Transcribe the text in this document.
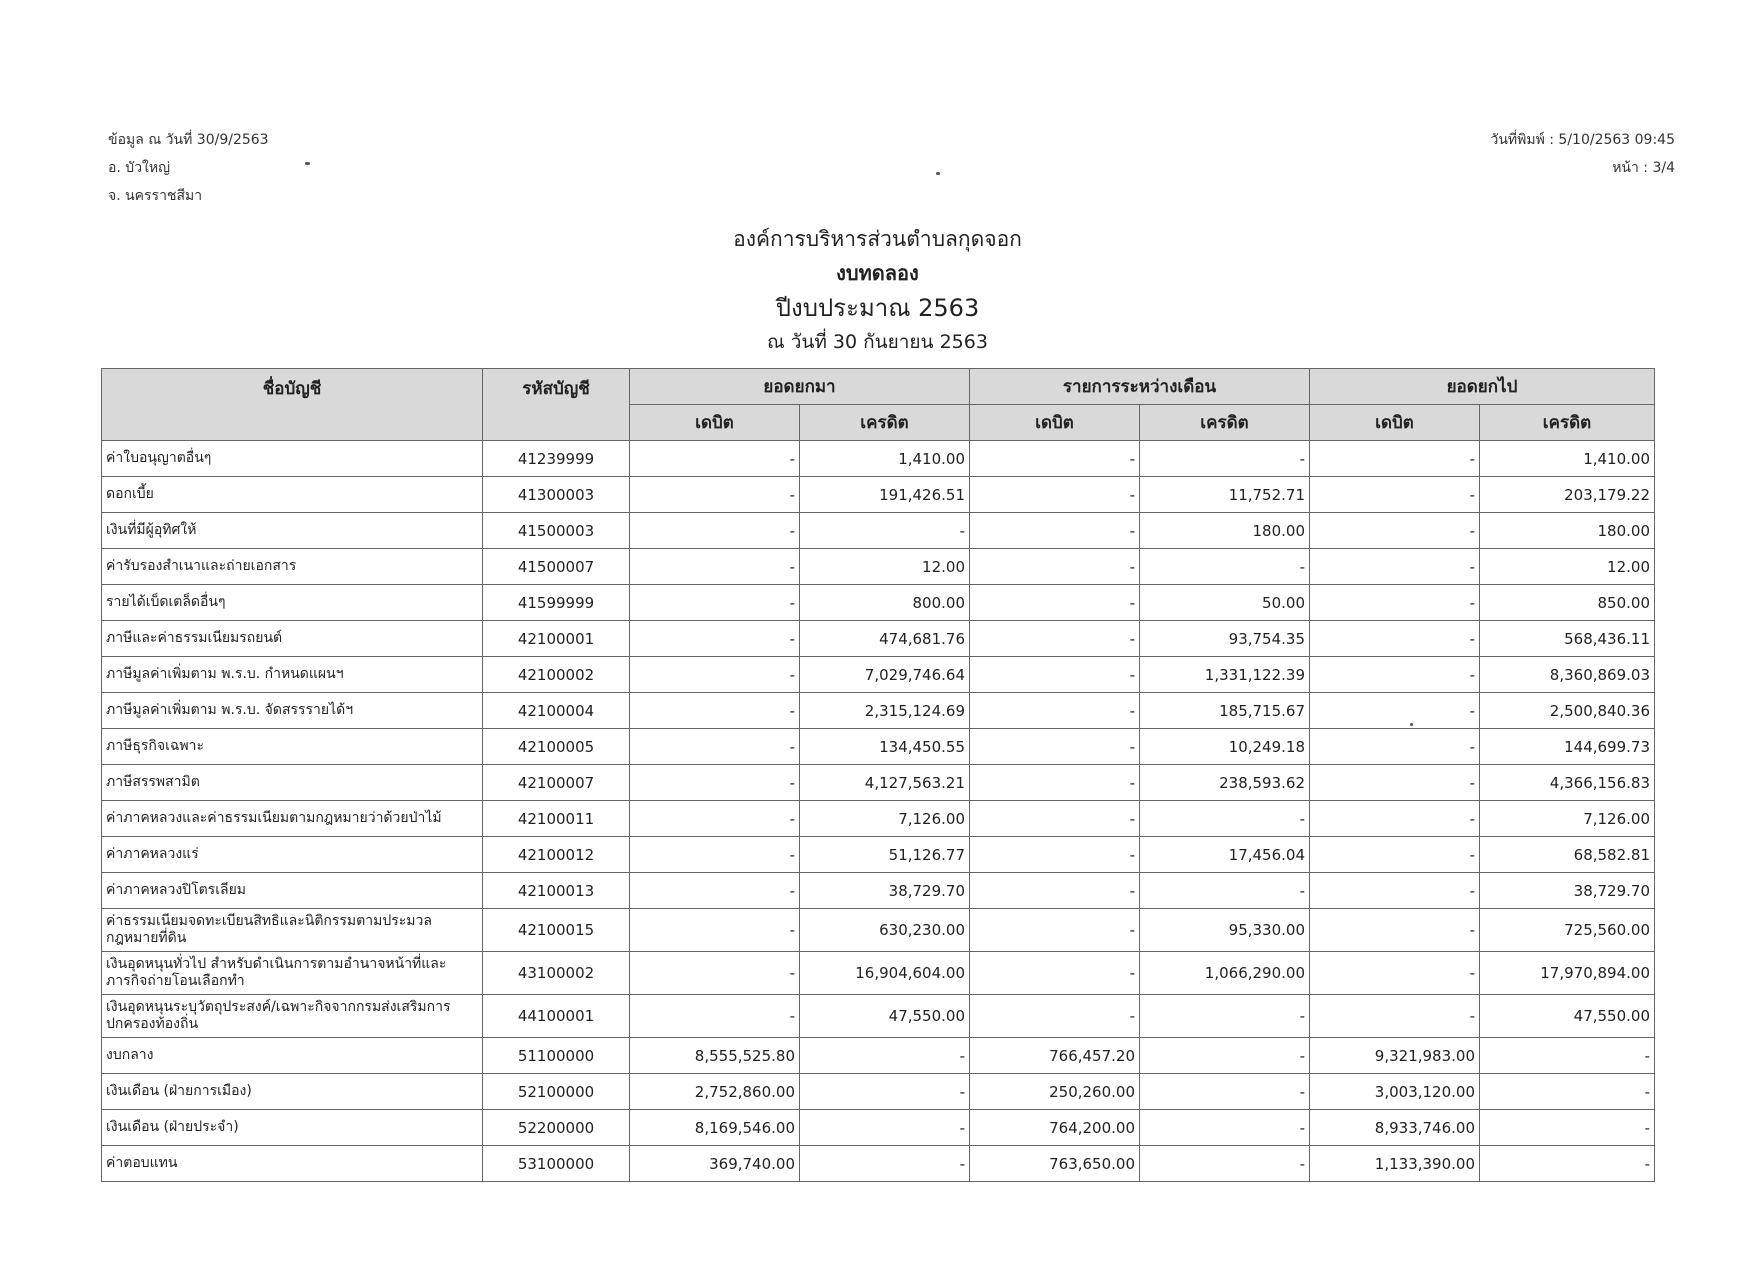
ข้อมูล ณ วันที่ 30/9/2563
อ. บัวใหญ่
จ. นครราชสีมา
วันที่พิมพ์ : 5/10/2563 09:45
หน้า : 3/4
องค์การบริหารส่วนตำบลกุดจอก
งบทดลอง
ปีงบประมาณ 2563
ณ วันที่ 30 กันยายน 2563
ชื่อบัญชี	รหัสบัญชี	ยอดยกมา		รายการระหว่างเดือน		ยอดยกไป	
		เดบิต	เครดิต	เดบิต	เครดิต	เดบิต	เครดิต
ค่าใบอนุญาตอื่นๆ	41239999	-	1,410.00	-	-	-	1,410.00
ดอกเบี้ย	41300003	-	191,426.51	-	11,752.71	-	203,179.22
เงินที่มีผู้อุทิศให้	41500003	-	-	-	180.00	-	180.00
ค่ารับรองสำเนาและถ่ายเอกสาร	41500007	-	12.00	-	-	-	12.00
รายได้เบ็ดเตล็ดอื่นๆ	41599999	-	800.00	-	50.00	-	850.00
ภาษีและค่าธรรมเนียมรถยนต์	42100001	-	474,681.76	-	93,754.35	-	568,436.11
ภาษีมูลค่าเพิ่มตาม พ.ร.บ. กำหนดแผนฯ	42100002	-	7,029,746.64	-	1,331,122.39	-	8,360,869.03
ภาษีมูลค่าเพิ่มตาม พ.ร.บ. จัดสรรรายได้ฯ	42100004	-	2,315,124.69	-	185,715.67	-	2,500,840.36
ภาษีธุรกิจเฉพาะ	42100005	-	134,450.55	-	10,249.18	-	144,699.73
ภาษีสรรพสามิต	42100007	-	4,127,563.21	-	238,593.62	-	4,366,156.83
ค่าภาคหลวงและค่าธรรมเนียมตามกฎหมายว่าด้วยป่าไม้	42100011	-	7,126.00	-	-	-	7,126.00
ค่าภาคหลวงแร่	42100012	-	51,126.77	-	17,456.04	-	68,582.81
ค่าภาคหลวงปิโตรเลียม	42100013	-	38,729.70	-	-	-	38,729.70
ค่าธรรมเนียมจดทะเบียนสิทธิและนิติกรรมตามประมวลกฎหมายที่ดิน	42100015	-	630,230.00	-	95,330.00	-	725,560.00
เงินอุดหนุนทั่วไป สำหรับดำเนินการตามอำนาจหน้าที่และภารกิจถ่ายโอนเลือกทำ	43100002	-	16,904,604.00	-	1,066,290.00	-	17,970,894.00
เงินอุดหนุนระบุวัตถุประสงค์/เฉพาะกิจจากกรมส่งเสริมการปกครองท้องถิ่น	44100001	-	47,550.00	-	-	-	47,550.00
งบกลาง	51100000	8,555,525.80	-	766,457.20	-	9,321,983.00	-
เงินเดือน (ฝ่ายการเมือง)	52100000	2,752,860.00	-	250,260.00	-	3,003,120.00	-
เงินเดือน (ฝ่ายประจำ)	52200000	8,169,546.00	-	764,200.00	-	8,933,746.00	-
ค่าตอบแทน	53100000	369,740.00	-	763,650.00	-	1,133,390.00	-
